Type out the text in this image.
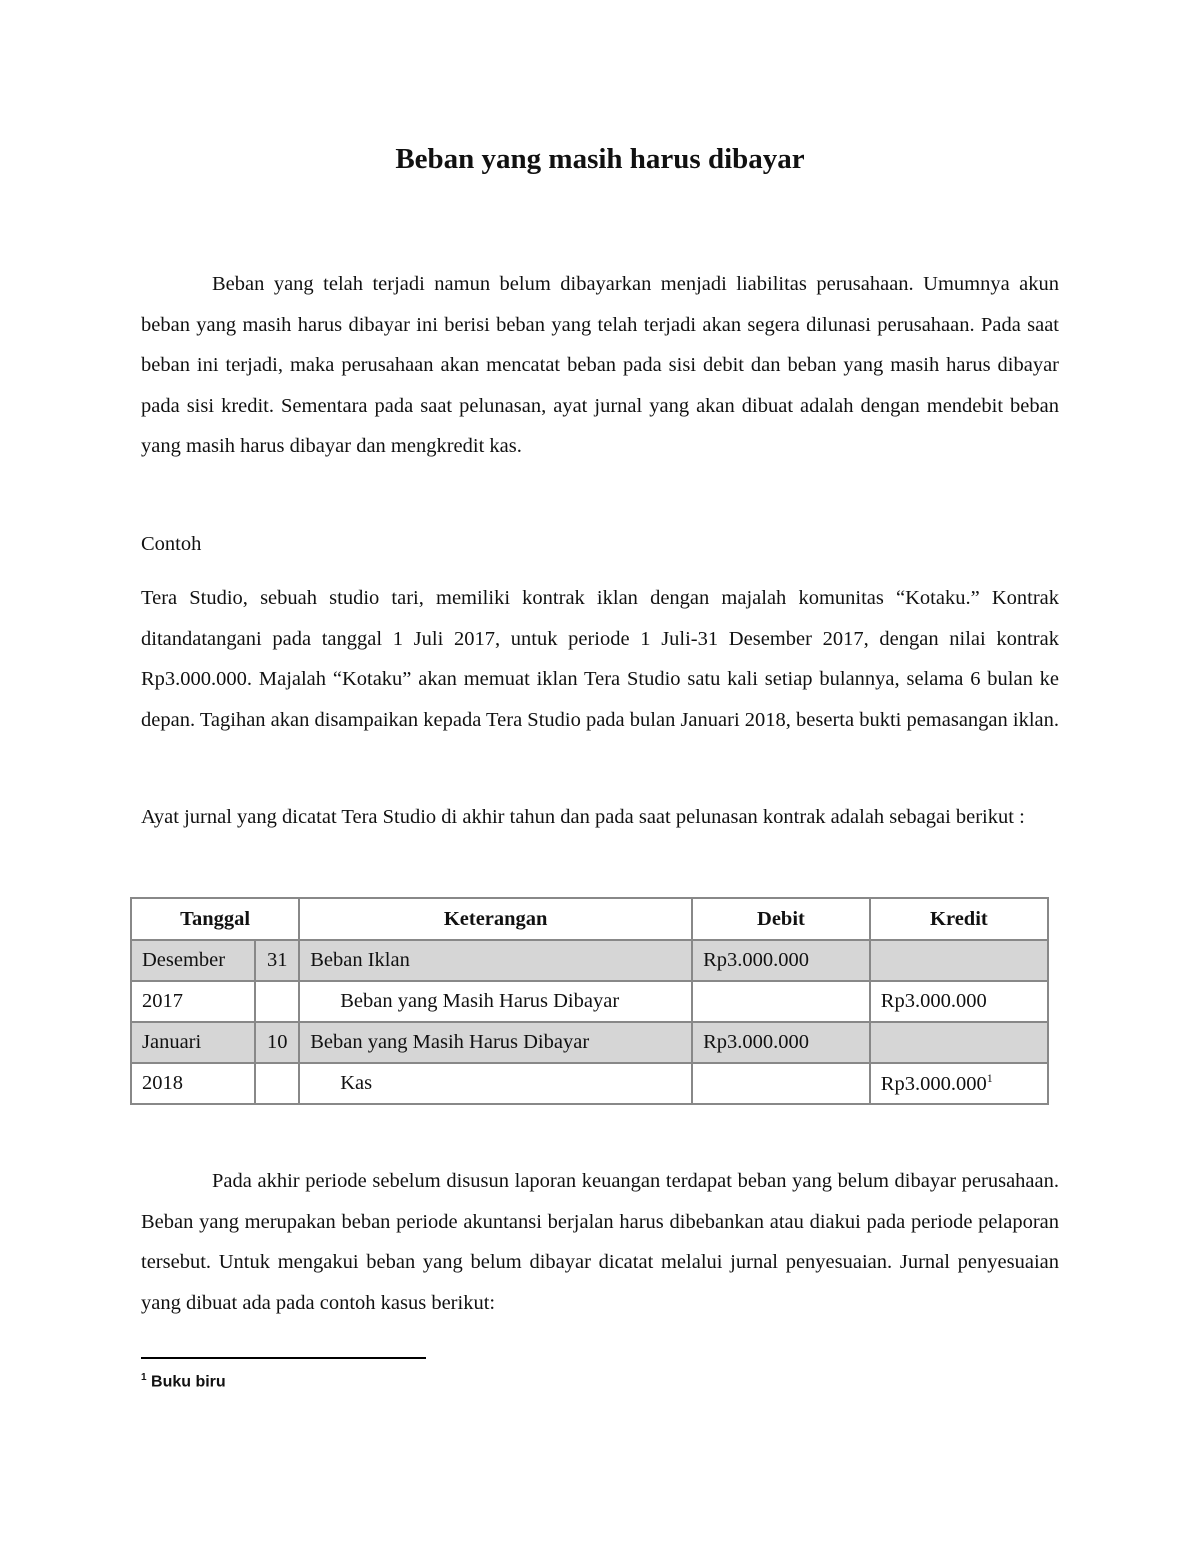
Beban yang masih harus dibayar

Beban yang telah terjadi namun belum dibayarkan menjadi liabilitas perusahaan. Umumnya akun beban yang masih harus dibayar ini berisi beban yang telah terjadi akan segera dilunasi perusahaan. Pada saat beban ini terjadi, maka perusahaan akan mencatat beban pada sisi debit dan beban yang masih harus dibayar pada sisi kredit. Sementara pada saat pelunasan, ayat jurnal yang akan dibuat adalah dengan mendebit beban yang masih harus dibayar dan mengkredit kas.

Contoh

Tera Studio, sebuah studio tari, memiliki kontrak iklan dengan majalah komunitas “Kotaku.” Kontrak ditandatangani pada tanggal 1 Juli 2017, untuk periode 1 Juli-31 Desember 2017, dengan nilai kontrak Rp3.000.000. Majalah “Kotaku” akan memuat iklan Tera Studio satu kali setiap bulannya, selama 6 bulan ke depan. Tagihan akan disampaikan kepada Tera Studio pada bulan Januari 2018, beserta bukti pemasangan iklan.

Ayat jurnal yang dicatat Tera Studio di akhir tahun dan pada saat pelunasan kontrak adalah sebagai berikut :

Tanggal		Keterangan	Debit	Kredit
Desember	31	Beban Iklan	Rp3.000.000	
2017		Beban yang Masih Harus Dibayar		Rp3.000.000
Januari	10	Beban yang Masih Harus Dibayar	Rp3.000.000	
2018		Kas		Rp3.000.000$^1$

Pada akhir periode sebelum disusun laporan keuangan terdapat beban yang belum dibayar perusahaan. Beban yang merupakan beban periode akuntansi berjalan harus dibebankan atau diakui pada periode pelaporan tersebut. Untuk mengakui beban yang belum dibayar dicatat melalui jurnal penyesuaian. Jurnal penyesuaian yang dibuat ada pada contoh kasus berikut:

$^1$ Buku biru
